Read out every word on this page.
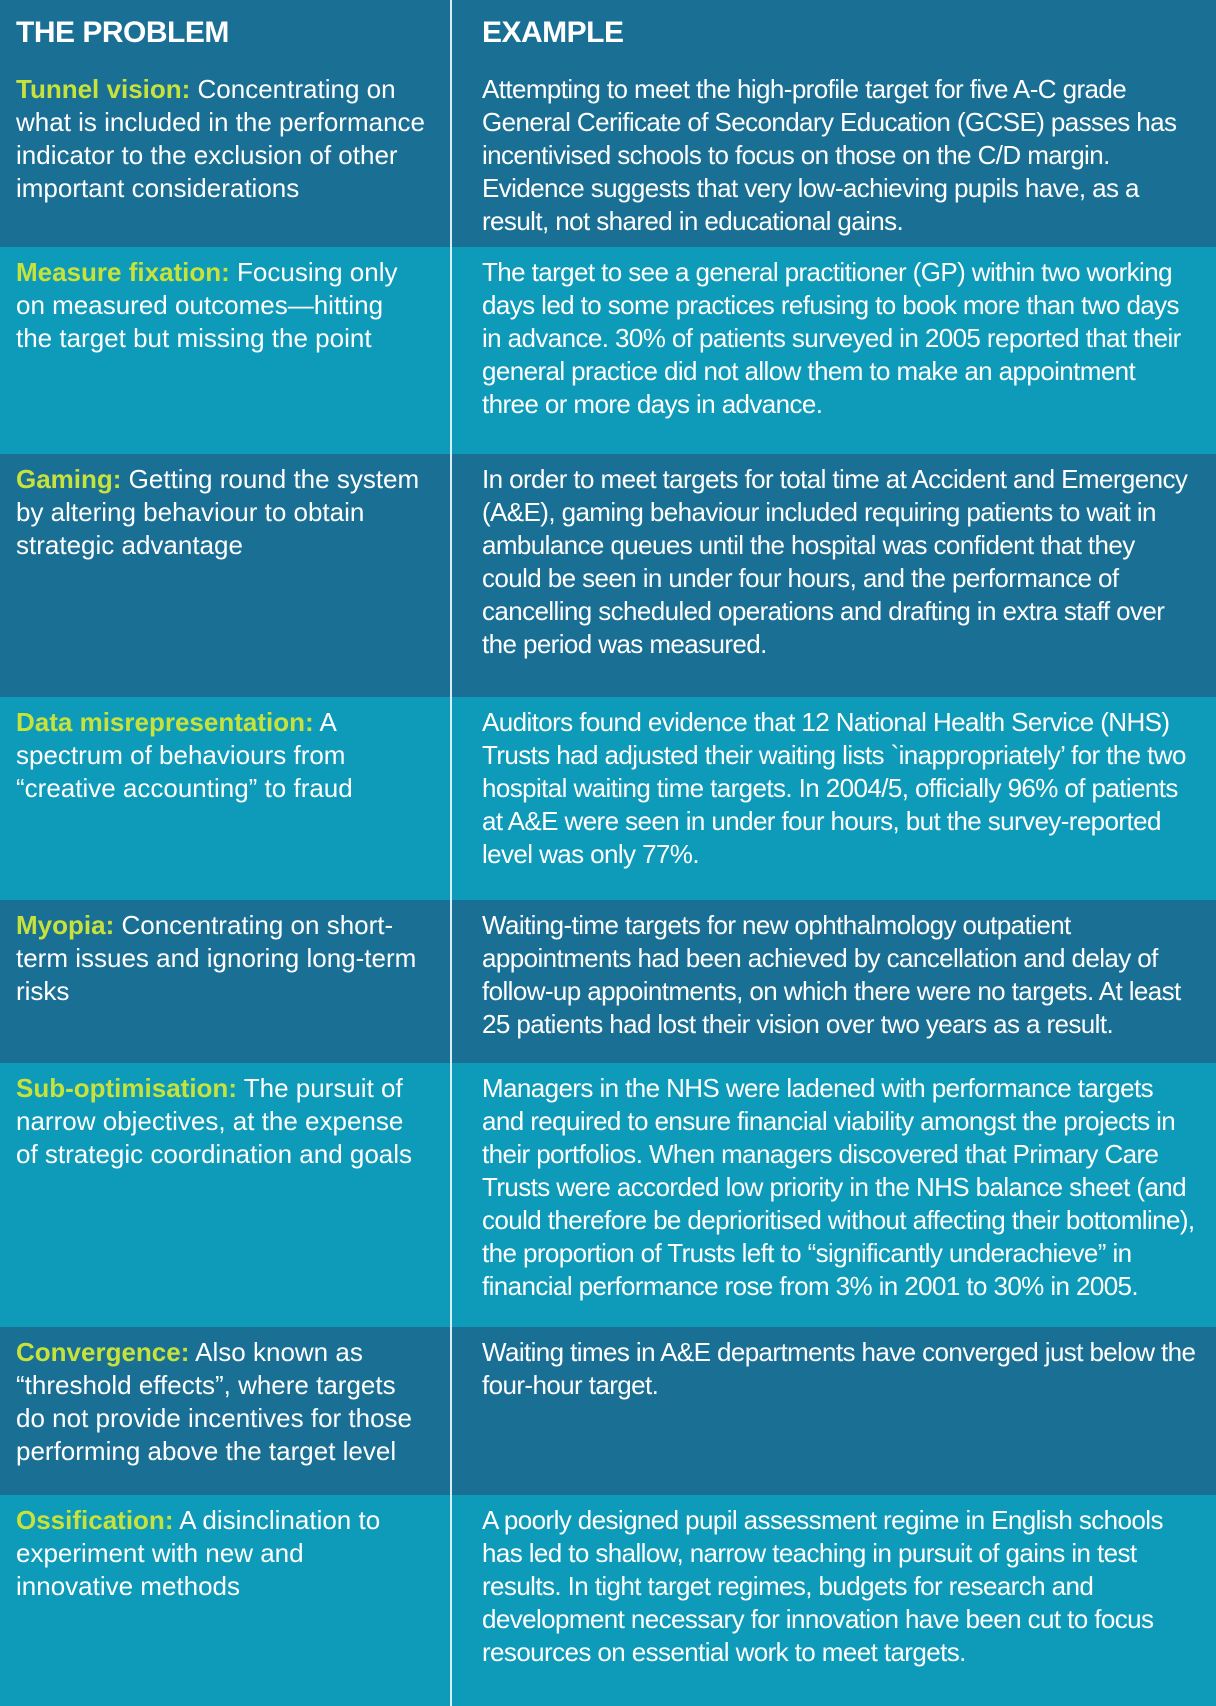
THE PROBLEM	EXAMPLE
Tunnel vision: Concentrating on what is included in the performance indicator to the exclusion of other important considerations
Attempting to meet the high-profile target for five A-C grade General Cerificate of Secondary Education (GCSE) passes has incentivised schools to focus on those on the C/D margin. Evidence suggests that very low-achieving pupils have, as a result, not shared in educational gains.
Measure fixation: Focusing only on measured outcomes—hitting the target but missing the point
The target to see a general practitioner (GP) within two working days led to some practices refusing to book more than two days in advance. 30% of patients surveyed in 2005 reported that their general practice did not allow them to make an appointment three or more days in advance.
Gaming: Getting round the system by altering behaviour to obtain strategic advantage
In order to meet targets for total time at Accident and Emergency (A&E), gaming behaviour included requiring patients to wait in ambulance queues until the hospital was confident that they could be seen in under four hours, and the performance of cancelling scheduled operations and drafting in extra staff over the period was measured.
Data misrepresentation: A spectrum of behaviours from “creative accounting” to fraud
Auditors found evidence that 12 National Health Service (NHS) Trusts had adjusted their waiting lists `inappropriately’ for the two hospital waiting time targets. In 2004/5, officially 96% of patients at A&E were seen in under four hours, but the survey-reported level was only 77%.
Myopia: Concentrating on short-term issues and ignoring long-term risks
Waiting-time targets for new ophthalmology outpatient appointments had been achieved by cancellation and delay of follow-up appointments, on which there were no targets. At least 25 patients had lost their vision over two years as a result.
Sub-optimisation: The pursuit of narrow objectives, at the expense of strategic coordination and goals
Managers in the NHS were ladened with performance targets and required to ensure financial viability amongst the projects in their portfolios. When managers discovered that Primary Care Trusts were accorded low priority in the NHS balance sheet (and could therefore be deprioritised without affecting their bottomline), the proportion of Trusts left to “significantly underachieve” in financial performance rose from 3% in 2001 to 30% in 2005.
Convergence: Also known as “threshold effects”, where targets do not provide incentives for those performing above the target level
Waiting times in A&E departments have converged just below the four-hour target.
Ossification: A disinclination to experiment with new and innovative methods
A poorly designed pupil assessment regime in English schools has led to shallow, narrow teaching in pursuit of gains in test results. In tight target regimes, budgets for research and development necessary for innovation have been cut to focus resources on essential work to meet targets.
